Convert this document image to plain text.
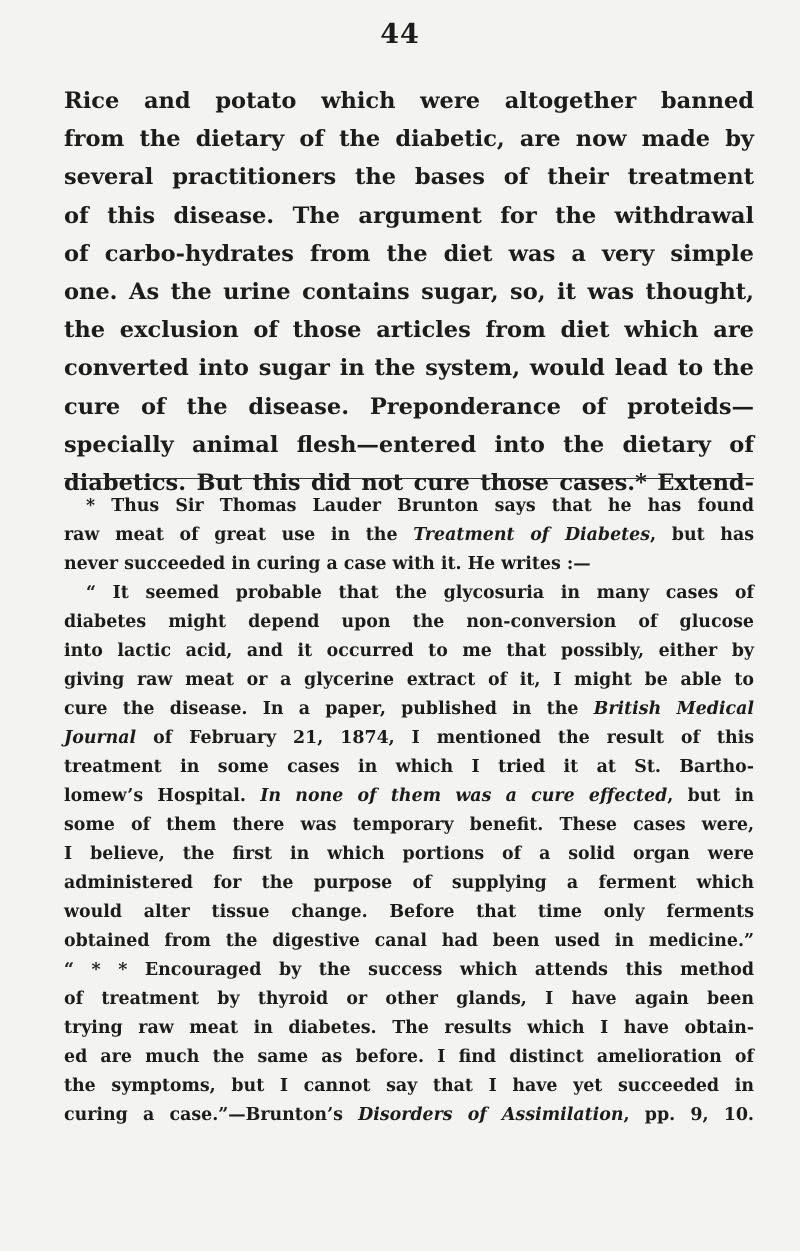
44
Rice and potato which were altogether banned
from the dietary of the diabetic, are now made by
several practitioners the bases of their treatment
of this disease. The argument for the withdrawal
of carbo-hydrates from the diet was a very simple
one. As the urine contains sugar, so, it was thought,
the exclusion of those articles from diet which are
converted into sugar in the system, would lead to the
cure of the disease. Preponderance of proteids—
specially animal flesh—entered into the dietary of
diabetics. But this did not cure those cases.* Extend-
* Thus Sir Thomas Lauder Brunton says that he has found
raw meat of great use in the Treatment of Diabetes, but has
never succeeded in curing a case with it. He writes :—
“ It seemed probable that the glycosuria in many cases of
diabetes might depend upon the non-conversion of glucose
into lactic acid, and it occurred to me that possibly, either by
giving raw meat or a glycerine extract of it, I might be able to
cure the disease. In a paper, published in the British Medical
Journal of February 21, 1874, I mentioned the result of this
treatment in some cases in which I tried it at St. Bartho-
lomew’s Hospital. In none of them was a cure effected, but in
some of them there was temporary benefit. These cases were,
I believe, the first in which portions of a solid organ were
administered for the purpose of supplying a ferment which
would alter tissue change. Before that time only ferments
obtained from the digestive canal had been used in medicine.”
“ * * Encouraged by the success which attends this method
of treatment by thyroid or other glands, I have again been
trying raw meat in diabetes. The results which I have obtain-
ed are much the same as before. I find distinct amelioration of
the symptoms, but I cannot say that I have yet succeeded in
curing a case.”—Brunton’s Disorders of Assimilation, pp. 9, 10.
